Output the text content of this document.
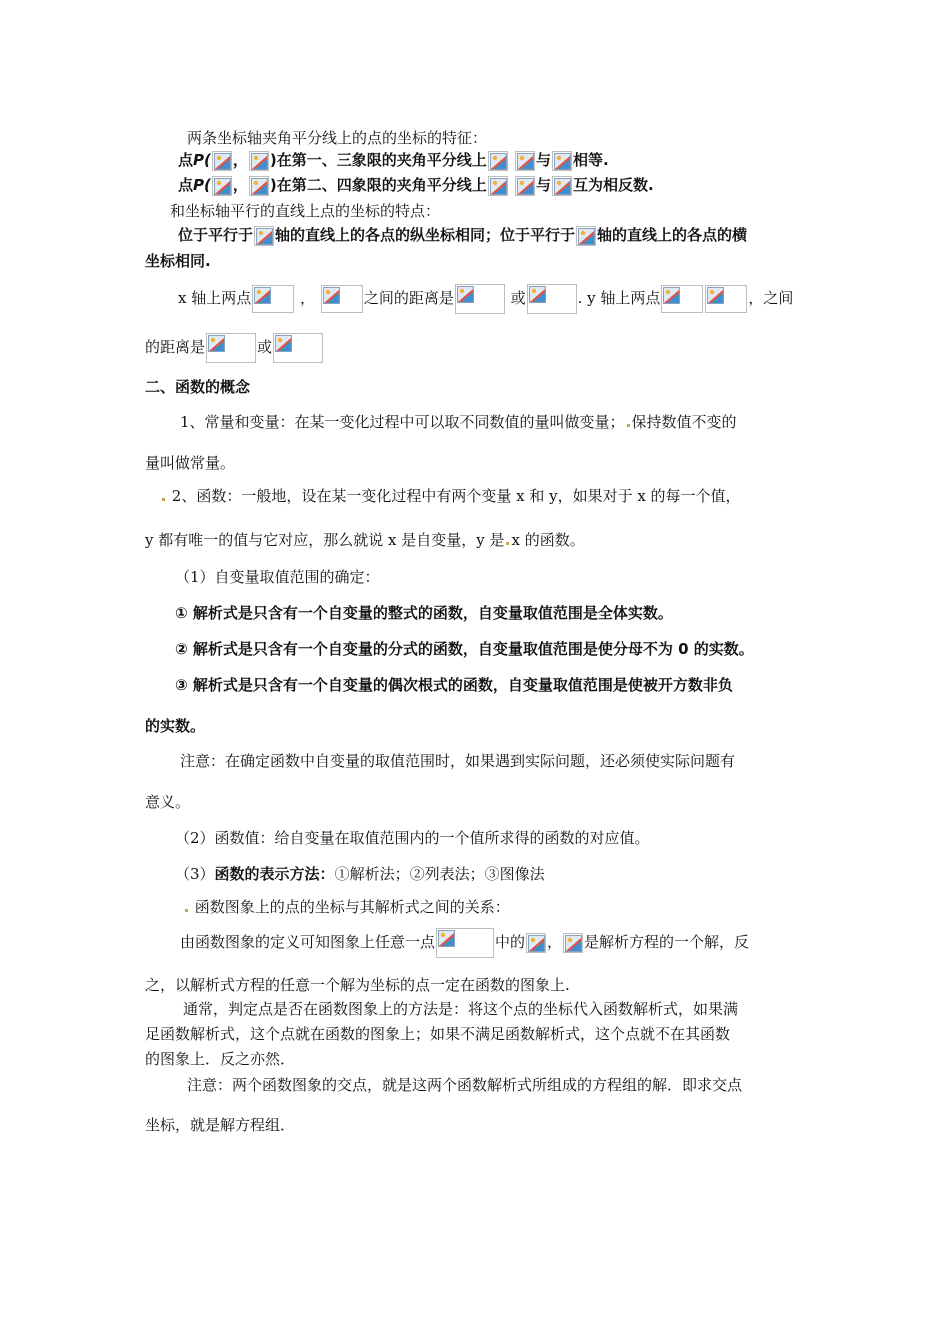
两条坐标轴夹角平分线上的点的坐标的特征：
点P( ， )在第一、三象限的夹角平分线上
	与 相等.
点P( ， )在第二、四象限的夹角平分线上
	与 互为相反数.
和坐标轴平行的直线上点的坐标的特点：
位于平行于 轴的直线上的各点的纵坐标相同；位于平行于 轴的直线上的各点的横
坐标相同.
x 轴上两点	，	之间的距离是	或	. y 轴上两点	，之间
的距离是	或
二、函数的概念
1、常量和变量：在某一变化过程中可以取不同数值的量叫做变量； 保持数值不变的
量叫做常量。
2、函数：一般地，设在某一变化过程中有两个变量 x 和 y，如果对于 x 的每一个值，
y 都有唯一的值与它对应，那么就说 x 是自变量，y 是 x 的函数。
（1）自变量取值范围的确定：
① 解析式是只含有一个自变量的整式的函数，自变量取值范围是全体实数。
② 解析式是只含有一个自变量的分式的函数，自变量取值范围是使分母不为 0 的实数。
③ 解析式是只含有一个自变量的偶次根式的函数，自变量取值范围是使被开方数非负
的实数。
注意：在确定函数中自变量的取值范围时，如果遇到实际问题，还必须使实际问题有
意义。
（2）函数值：给自变量在取值范围内的一个值所求得的函数的对应值。
（3）函数的表示方法：①解析法；②列表法；③图像法
函数图象上的点的坐标与其解析式之间的关系：
由函数图象的定义可知图象上任意一点	中的 ， 是解析方程的一个解，反
之，以解析式方程的任意一个解为坐标的点一定在函数的图象上.
通常，判定点是否在函数图象上的方法是：将这个点的坐标代入函数解析式，如果满
足函数解析式，这个点就在函数的图象上；如果不满足函数解析式，这个点就不在其函数
的图象上．反之亦然．
注意：两个函数图象的交点，就是这两个函数解析式所组成的方程组的解．即求交点
坐标，就是解方程组．
